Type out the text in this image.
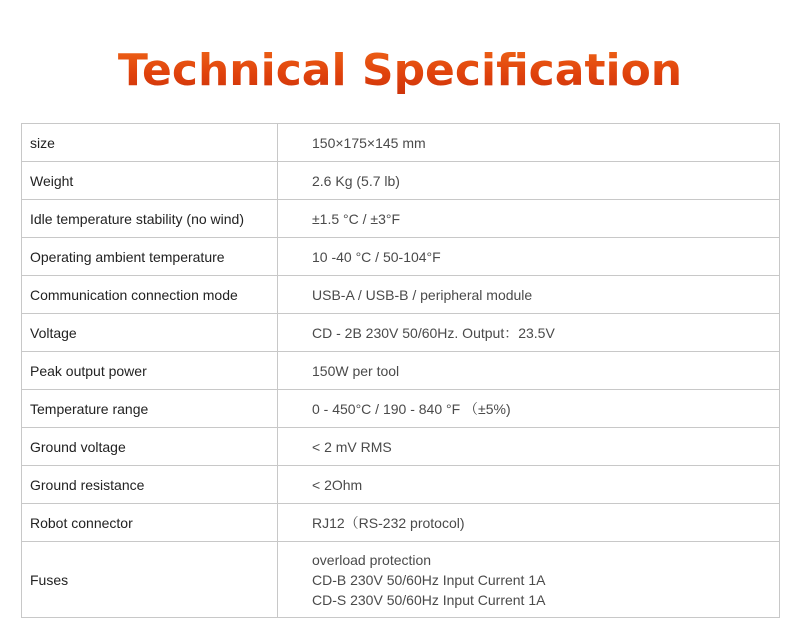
Technical Specification
size	150×175×145 mm
Weight	2.6 Kg (5.7 lb)
Idle temperature stability (no wind)	±1.5 °C / ±3°F
Operating ambient temperature	10 -40 °C / 50-104°F
Communication connection mode	USB-A / USB-B / peripheral module
Voltage	CD - 2B 230V 50/60Hz. Output：23.5V
Peak output power	150W per tool
Temperature range	0 - 450°C / 190 - 840 °F （±5%)
Ground voltage	< 2 mV RMS
Ground resistance	< 2Ohm
Robot connector	RJ12（RS-232 protocol)
Fuses	overload protection
CD-B 230V 50/60Hz Input Current 1A
CD-S 230V 50/60Hz Input Current 1A
